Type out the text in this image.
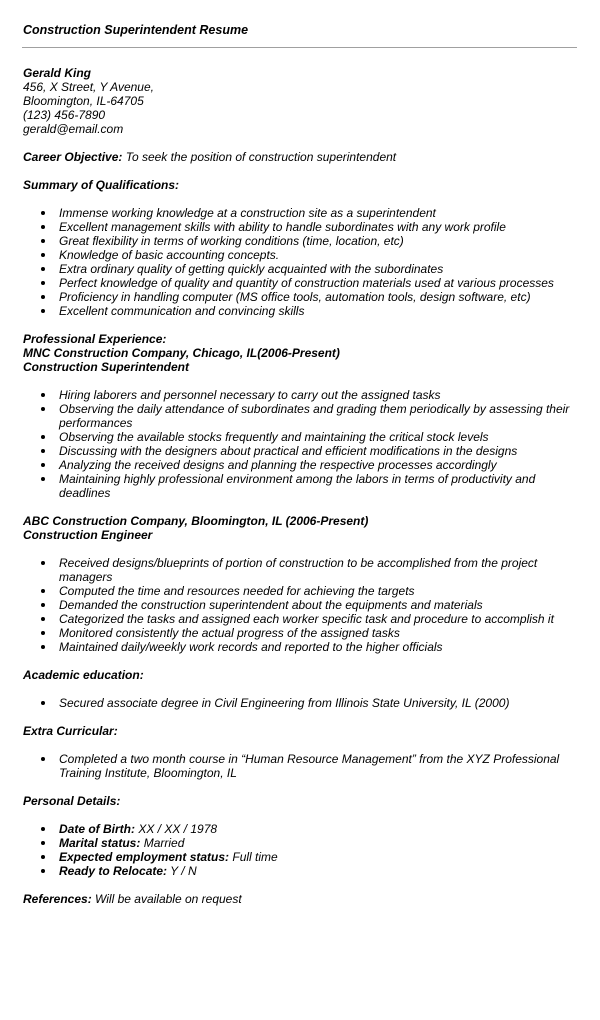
Construction Superintendent Resume
Gerald King
456, X Street, Y Avenue,
Bloomington, IL-64705
(123) 456-7890
gerald@email.com
Career Objective: To seek the position of construction superintendent
Summary of Qualifications:
Immense working knowledge at a construction site as a superintendent
Excellent management skills with ability to handle subordinates with any work profile
Great flexibility in terms of working conditions (time, location, etc)
Knowledge of basic accounting concepts.
Extra ordinary quality of getting quickly acquainted with the subordinates
Perfect knowledge of quality and quantity of construction materials used at various processes
Proficiency in handling computer (MS office tools, automation tools, design software, etc)
Excellent communication and convincing skills
Professional Experience:
MNC Construction Company, Chicago, IL(2006-Present)
Construction Superintendent
Hiring laborers and personnel necessary to carry out the assigned tasks
Observing the daily attendance of subordinates and grading them periodically by assessing their performances
Observing the available stocks frequently and maintaining the critical stock levels
Discussing with the designers about practical and efficient modifications in the designs
Analyzing the received designs and planning the respective processes accordingly
Maintaining highly professional environment among the labors in terms of productivity and deadlines
ABC Construction Company, Bloomington, IL (2006-Present)
Construction Engineer
Received designs/blueprints of portion of construction to be accomplished from the project managers
Computed the time and resources needed for achieving the targets
Demanded the construction superintendent about the equipments and materials
Categorized the tasks and assigned each worker specific task and procedure to accomplish it
Monitored consistently the actual progress of the assigned tasks
Maintained daily/weekly work records and reported to the higher officials
Academic education:
Secured associate degree in Civil Engineering from Illinois State University, IL (2000)
Extra Curricular:
Completed a two month course in “Human Resource Management” from the XYZ Professional Training Institute, Bloomington, IL
Personal Details:
Date of Birth: XX / XX / 1978
Marital status: Married
Expected employment status: Full time
Ready to Relocate: Y / N
References: Will be available on request
